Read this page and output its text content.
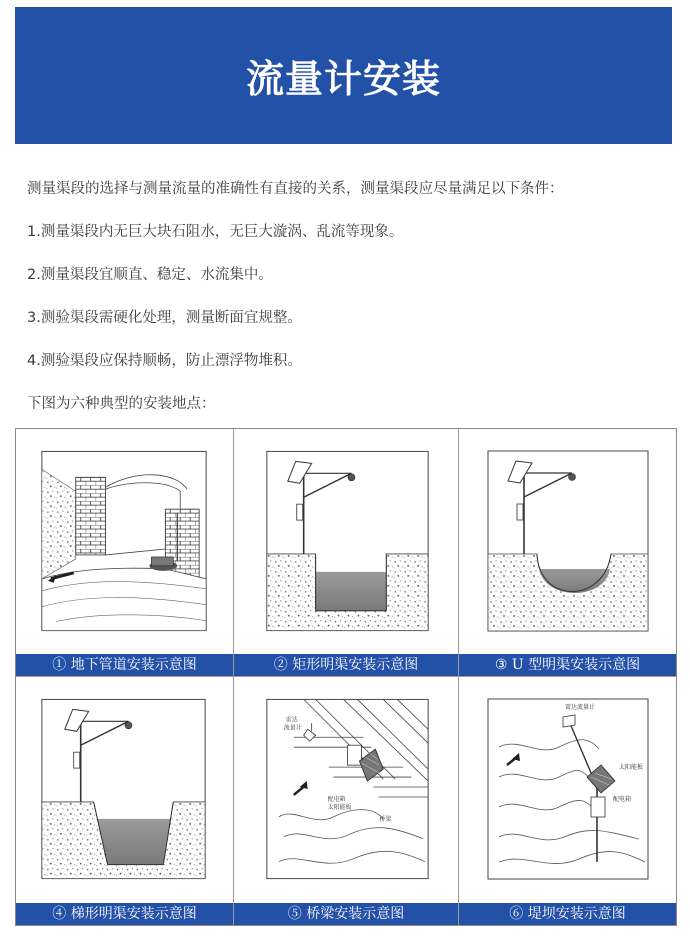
流量计安装

测量渠段的选择与测量流量的准确性有直接的关系，测量渠段应尽量满足以下条件：

1.测量渠段内无巨大块石阻水，无巨大漩涡、乱流等现象。

2.测量渠段宜顺直、稳定、水流集中。

3.测验渠段需硬化处理，测量断面宜规整。

4.测验渠段应保持顺畅，防止漂浮物堆积。

下图为六种典型的安装地点：

① 地下管道安装示意图	② 矩形明渠安装示意图	③ U 型明渠安装示意图
④ 梯形明渠安装示意图
雷达
流量计
配电箱
太阳能板
桥梁
⑤ 桥梁安装示意图
雷达流量计
太阳能板
配电箱
⑥ 堤坝安装示意图
